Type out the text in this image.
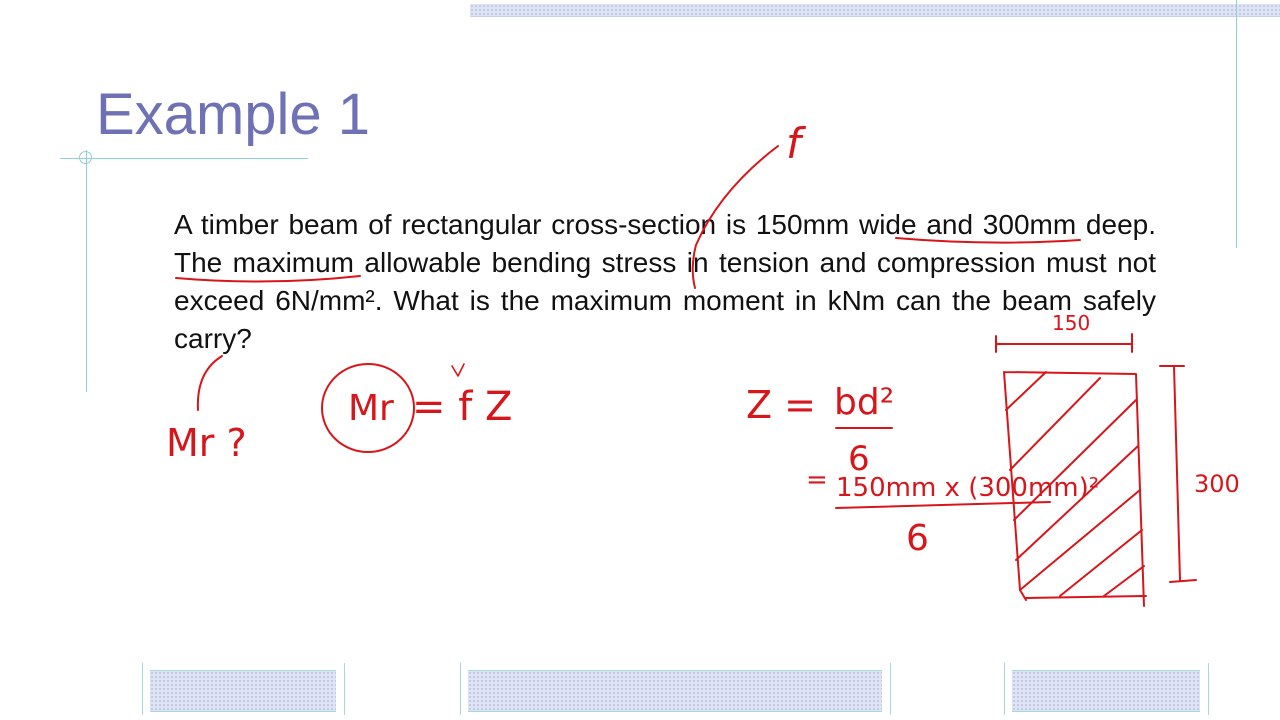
Example 1

A timber beam of rectangular cross-section is 150mm wide and 300mm deep. The maximum allowable bending stress in tension and compression must not exceed 6N/mm². What is the maximum moment in kNm can the beam safely carry?

f
Mr ?
Mr = f Z	Z = bd²
6
= 150mm x (300mm)²
6
150
300
